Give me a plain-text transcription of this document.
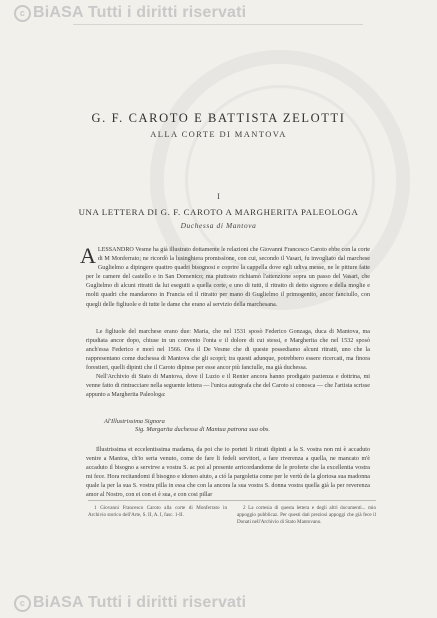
c BiASA Tutti i diritti riservati
G. F. CAROTO E BATTISTA ZELOTTI
ALLA CORTE DI MANTOVA
I
UNA LETTERA DI G. F. CAROTO A MARGHERITA PALEOLOGA
Duchessa di Mantova
ALESSANDRO Vesme ha già illustrato dottamente le relazioni che Giovanni Francesco Caroto ebbe con la corte di M Monferrato; ne ricordò la lusinghiera promissione, con cui, secondo il Vasari, fu invogliato dal marchese Guglielmo a dipingere quattro quadri bisognosi e coprire la cappella dove egli udiva messe, ne le pitture fatte per le camere del castello e in San Domenico; ma piuttosto richiamò l'attenzione sopra un passo del Vasari, che Guglielmo di alcuni ritratti da lui eseguiti a quella corte, e uno di tutti, il ritratto di detto signore e della moglie e molti quadri che mandarono in Francia ed il ritratto per mano di Guglielmo il primogenito, ancor fanciullo, con quegli delle figliuole e di tutte le dame che erano al servizio della marchesana.
Le figliuole del marchese erano due: Maria, che nel 1531 sposò Federico Gonzaga, duca di Mantova, ma ripudiata ancor dopo, chiuse in un convento l'onta e il dolore di cui stessi, e Margherita che nel 1532 sposò anch'essa Federico e morì nel 1566. Ora il De Vesme che di queste possediamo alcuni ritratti, uno che la rappresentano come duchessa di Mantova che gli scoprì; tra questi adunque, potrebbero essere ricercati, ma finora forestieri, quelli dipinti che il Caroto dipinse per esse ancor più fanciulle, ma già duchessa.
Nell'Archivio di Stato di Mantova, dove il Luzio e il Renier ancora hanno prodigato pazienza e dottrina, mi venne fatto di rintracciare nella seguente lettera — l'unica autografa che del Caroto si conosca — che l'artista scrisse appunto a Margherita Paleologa:
Al'Illustrissima Signora
Sig. Margarita duchessa di Mantua patrona sua obs.
Illustrissima et eccelentissima madama, da poi che io porteti li ritrati dipinti a la S. vostra non mi è accaduto venire a Mantoa, ch'io seria venuto, come de fare li fedeli servitori, a fare riverenza a quella, ne mancato m'è accaduto il bisogno a servirve a vostra S. ac poi al presente arricordandome de le proferte che la excellentia vostra mi fece. Hora recitandomi il bisogno e idoneo aiuto, a ció la pargoletta come per le vertù de la gloriosa sua madonna quale la per la sua S. vostra pilla in essa che con la ancora la sua vostra S. donna vostra quella già la per reverenza amor al Nostro, con ei con ei è sua, e con cosi pillar

1 Giovanni Francesco Caroto alla corte di Monferrato in Archivio storico dell'Arte, S. II, A. I, fasc. 1-II.

2 La cortesia di questa lettera e degli altri documenti... mio appoggio pubblicaz. Per questi dati preziosi appoggi che già fece il Donati nell'Archivio di Stato Mantovano.

c BiASA Tutti i diritti riservati
